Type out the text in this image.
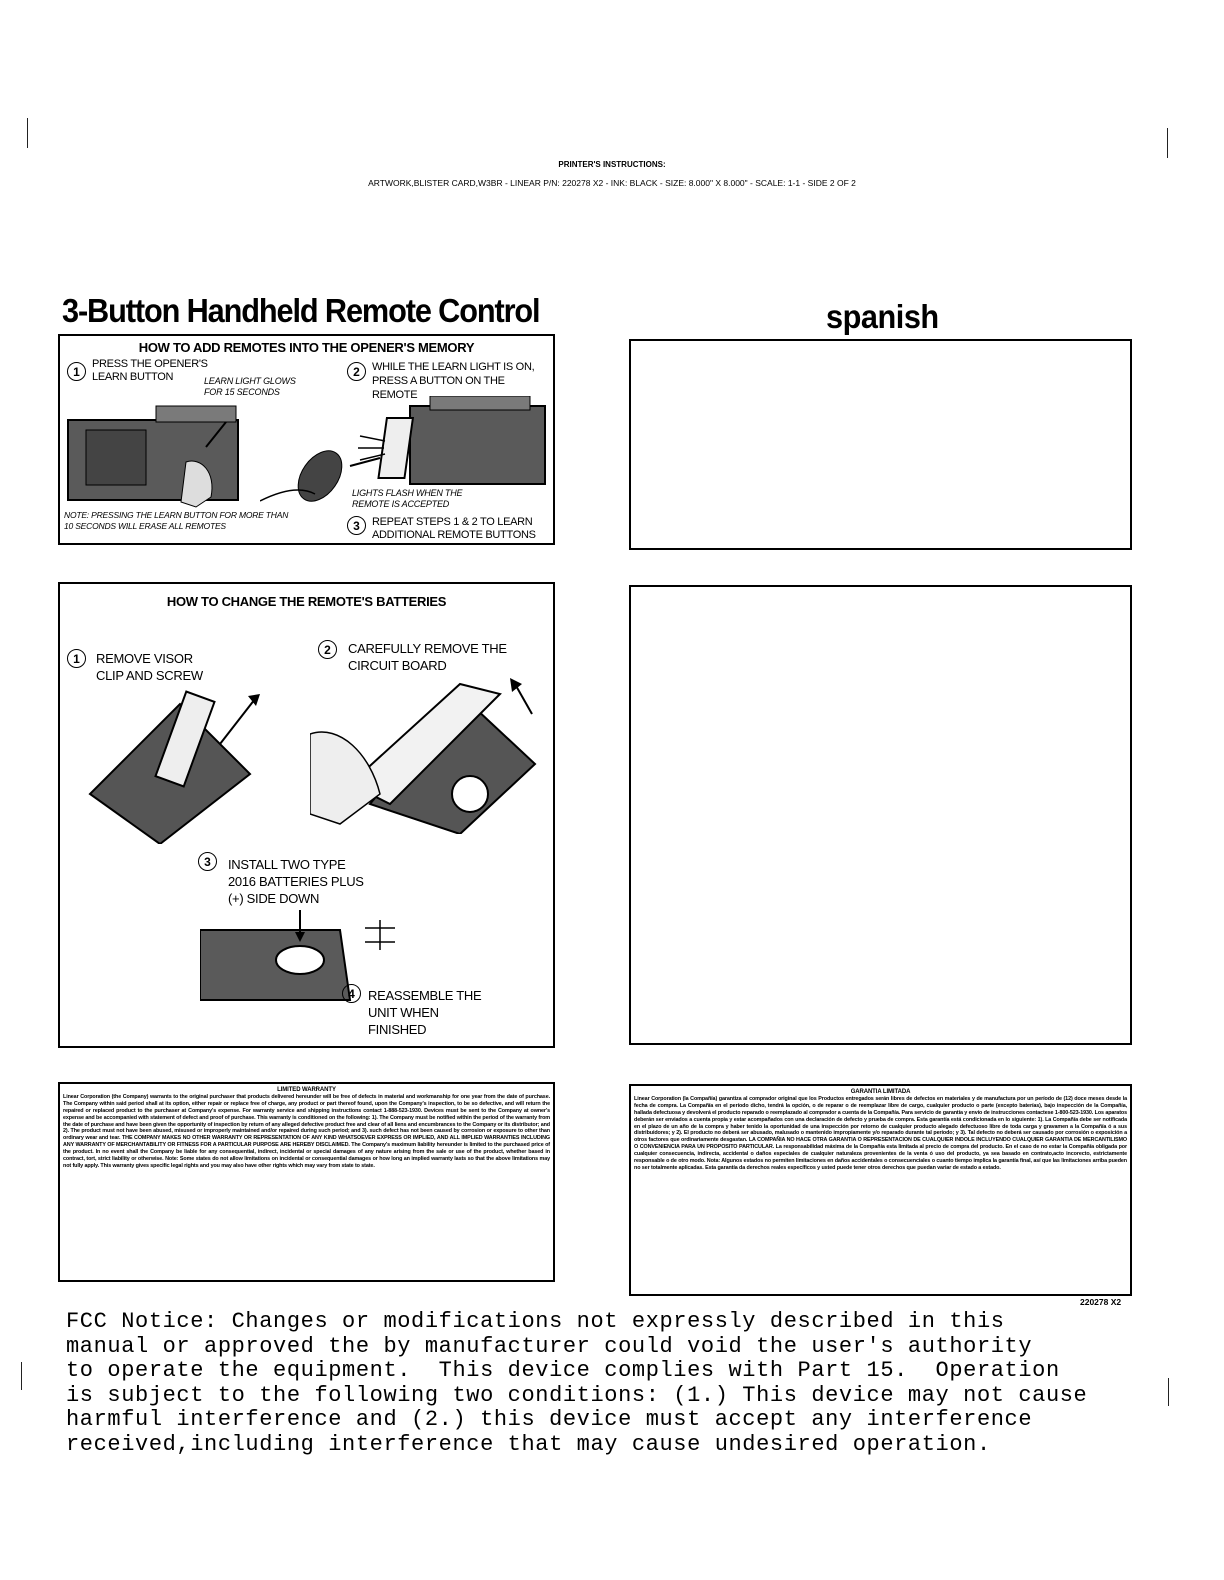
PRINTER'S INSTRUCTIONS:
ARTWORK,BLISTER CARD,W3BR - LINEAR P/N: 220278 X2 - INK: BLACK - SIZE: 8.000" X 8.000" - SCALE: 1-1 - SIDE 2 OF 2
3-Button Handheld Remote Control	spanish
HOW TO ADD REMOTES INTO THE OPENER'S MEMORY
1
PRESS THE OPENER'S LEARN BUTTON	LEARN LIGHT GLOWS FOR 15 SECONDS
2	WHILE THE LEARN LIGHT IS ON, PRESS A BUTTON ON THE REMOTE
LIGHTS FLASH WHEN THE REMOTE IS ACCEPTED
NOTE: PRESSING THE LEARN BUTTON FOR MORE THAN 10 SECONDS WILL ERASE ALL REMOTES	3	REPEAT STEPS 1 & 2 TO LEARN ADDITIONAL REMOTE BUTTONS
HOW TO CHANGE THE REMOTE'S BATTERIES
1	REMOVE VISOR CLIP AND SCREW
2	CAREFULLY REMOVE THE CIRCUIT BOARD
3	INSTALL TWO TYPE 2016 BATTERIES PLUS (+) SIDE DOWN
4	REASSEMBLE THE UNIT WHEN FINISHED
LIMITED WARRANTY
Linear Corporation (the Company) warrants to the original purchaser that products delivered hereunder will be free of defects in material and workmanship for one year from the date of purchase. The Company within said period shall at its option, either repair or replace free of charge, any product or part thereof found, upon the Company's inspection, to be so defective, and will return the repaired or replaced product to the purchaser at Company's expense. For warranty service and shipping instructions contact 1-888-523-1930. Devices must be sent to the Company at owner's expense and be accompanied with statement of defect and proof of purchase. This warranty is conditioned on the following: 1). The Company must be notified within the period of the warranty from the date of purchase and have been given the opportunity of inspection by return of any alleged defective product free and clear of all liens and encumbrances to the Company or its distributor; and 2). The product must not have been abused, misused or improperly maintained and/or repaired during such period; and 3). such defect has not been caused by corrosion or exposure to other than ordinary wear and tear. THE COMPANY MAKES NO OTHER WARRANTY OR REPRESENTATION OF ANY KIND WHATSOEVER EXPRESS OR IMPLIED, AND ALL IMPLIED WARRANTIES INCLUDING ANY WARRANTY OF MERCHANTABILITY OR FITNESS FOR A PARTICULAR PURPOSE ARE HEREBY DISCLAIMED. The Company's maximum liability hereunder is limited to the purchased price of the product. In no event shall the Company be liable for any consequential, indirect, incidental or special damages of any nature arising from the sale or use of the product, whether based in contract, tort, strict liability or otherwise. Note: Some states do not allow limitations on incidental or consequential damages or how long an implied warranty lasts so that the above limitations may not fully apply. This warranty gives specific legal rights and you may also have other rights which may vary from state to state.
GARANTIA LIMITADA
Linear Corporation (la Compañía) garantiza al comprador original que los Productos entregados serán libres de defectos en materiales y de manufactura por un período de (12) doce meses desde la fecha de compra. La Compañía en el período dicho, tendrá la opción, o de reparar o de reemplazar libre de cargo, cualquier producto o parte (excepto baterías), bajo inspección de la Compañía, hallada defectuosa y devolverá el producto reparado o reemplazado al comprador a cuenta de la Compañía. Para servicio de garantía y envío de instrucciones contactese 1-800-523-1930. Los aparatos deberán ser enviados a cuenta propia y estar acompañados con una declaración de defecto y prueba de compra. Esta garantía está condicionada en lo siguiente: 1). La Compañía debe ser notificada en el plazo de un año de la compra y haber tenido la oportunidad de una inspección por retorno de cualquier producto alegado defectuoso libre de toda carga y gravamen a la Compañía ó a sus distribuidores; y 2). El producto no deberá ser abusado, malusado o mantenido impropiamente y/o reparado durante tal período; y 3). Tal defecto no deberá ser causado por corrosión o exposición a otros factores que ordinariamente desgastan. LA COMPAÑIA NO HACE OTRA GARANTIA O REPRESENTACION DE CUALQUIER INDOLE INCLUYENDO CUALQUIER GARANTIA DE MERCANTILISMO O CONVENIENCIA PARA UN PROPOSITO PARTICULAR. La responsabilidad máxima de la Compañía esta limitada al precio de compra del producto. En el caso de no estar la Compañía obligada por cualquier consecuencia, indirecta, accidental o daños especiales de cualquier naturaleza provenientes de la venta ó uso del producto, ya sea basado en contrato,acto incorecto, estrictamente responsable o de otro modo. Nota: Algunos estados no permiten limitaciones en daños accidentales o consecuenciales o cuanto tiempo implica la garantía final, así que las limitaciones arriba pueden no ser totalmente aplicadas. Esta garantía da derechos reales específicos y usted puede tener otros derechos que puedan variar de estado a estado.
220278 X2
FCC Notice: Changes or modifications not expressly described in this
manual or approved the by manufacturer could void the user's authority
to operate the equipment.  This device complies with Part 15.  Operation
is subject to the following two conditions: (1.) This device may not cause
harmful interference and (2.) this device must accept any interference
received,including interference that may cause undesired operation.
